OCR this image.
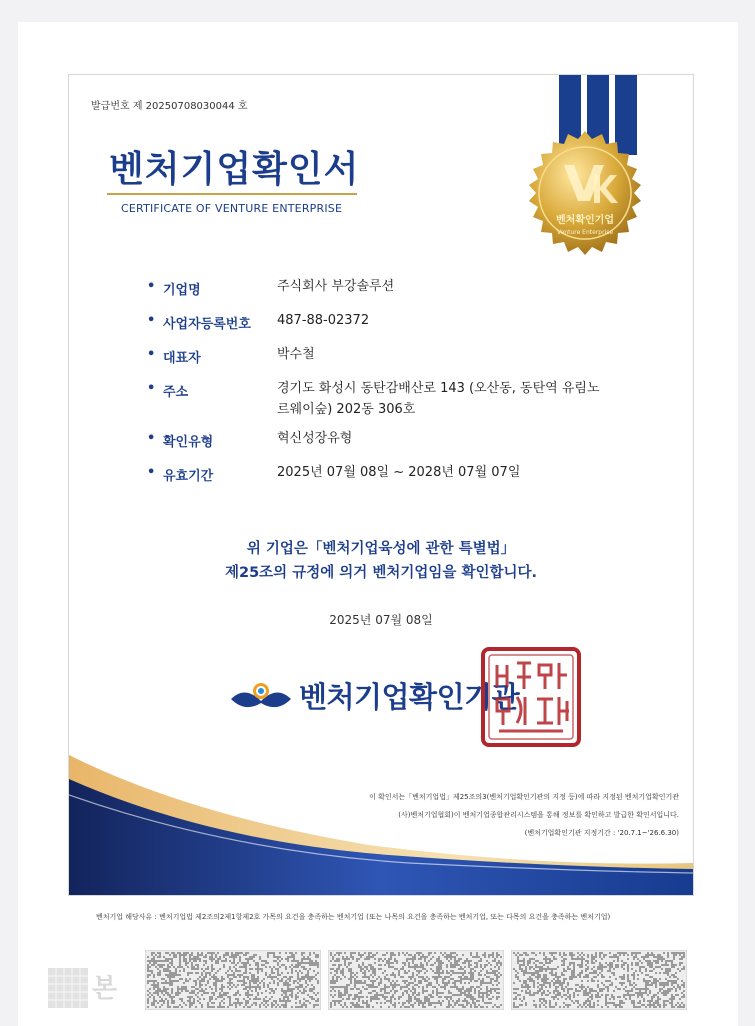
발급번호 제 20250708030044 호
벤처기업확인서
CERTIFICATE OF VENTURE ENTERPRISE
벤처확인기업
Venture Enterprise
• 기업명	주식회사 부강솔루션
• 사업자등록번호 487-88-02372
• 대표자	박수철
• 주소	경기도 화성시 동탄감배산로 143 (오산동, 동탄역 유림노
르웨이숲) 202동 306호
• 확인유형	혁신성장유형
• 유효기간	2025년 07월 08일 ~ 2028년 07월 07일
위 기업은「벤처기업육성에 관한 특별법」
제25조의 규정에 의거 벤처기업임을 확인합니다.
2025년 07월 08일
벤처기업확인기관
이 확인서는「벤처기업법」제25조의3(벤처기업확인기관의 지정 등)에 따라 지정된 벤처기업확인기관
(사)벤처기업협회)이 벤처기업종합관리시스템을 통해 정보를 확인하고 발급한 확인서입니다.
(벤처기업확인기관 지정기간 : '20.7.1~'26.6.30)
벤처기업 해당사유 : 벤처기업법 제2조의2제1항제2호 가목의 요건을 충족하는 벤처기업 (또는 나목의 요건을 충족하는 벤처기업, 또는 다목의 요건을 충족하는 벤처기업)
본
